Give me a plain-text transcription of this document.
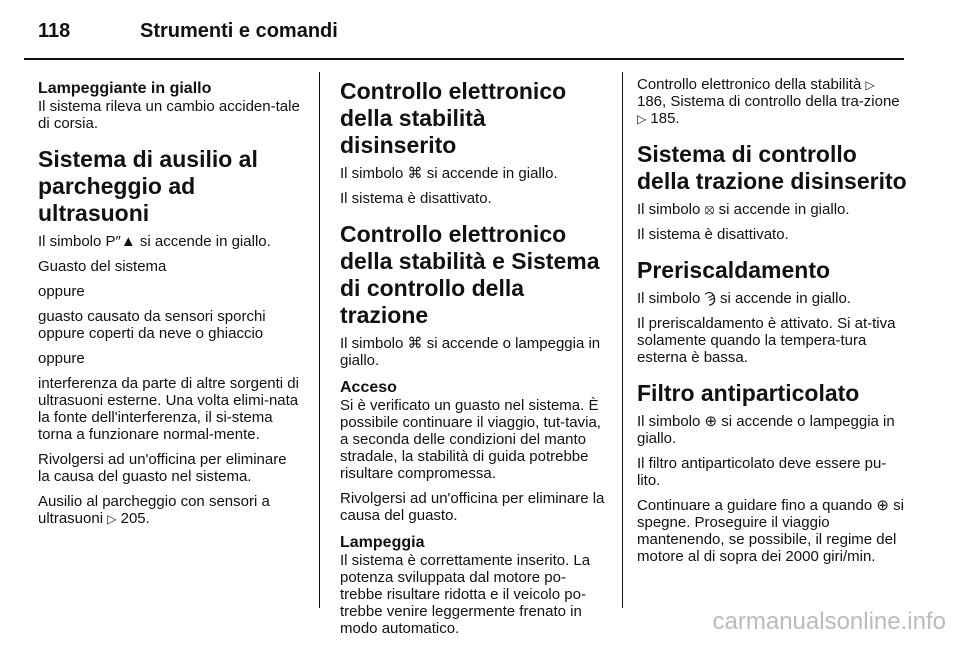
118	Strumenti e comandi
Lampeggiante in giallo

Il sistema rileva un cambio acciden-tale di corsia.

Sistema di ausilio al parcheggio ad ultrasuoni

Il simbolo P″▲ si accende in giallo.

Guasto del sistema

oppure

guasto causato da sensori sporchi oppure coperti da neve o ghiaccio

oppure

interferenza da parte di altre sorgenti di ultrasuoni esterne. Una volta elimi-nata la fonte dell'interferenza, il si-stema torna a funzionare normal-mente.

Rivolgersi ad un'officina per eliminare la causa del guasto nel sistema.

Ausilio al parcheggio con sensori a ultrasuoni ▷ 205.

Controllo elettronico della stabilità disinserito

Il simbolo ⌘ si accende in giallo.

Il sistema è disattivato.

Controllo elettronico della stabilità e Sistema di controllo della trazione

Il simbolo ⌘ si accende o lampeggia in giallo.

Acceso

Si è verificato un guasto nel sistema. È possibile continuare il viaggio, tut-tavia, a seconda delle condizioni del manto stradale, la stabilità di guida potrebbe risultare compromessa.

Rivolgersi ad un'officina per eliminare la causa del guasto.

Lampeggia

Il sistema è correttamente inserito. La potenza sviluppata dal motore po-trebbe risultare ridotta e il veicolo po-trebbe venire leggermente frenato in modo automatico.

Controllo elettronico della stabilità ▷ 186, Sistema di controllo della tra-zione ▷ 185.

Sistema di controllo della trazione disinserito

Il simbolo ⦻ si accende in giallo.

Il sistema è disattivato.

Preriscaldamento

Il simbolo Ϡ si accende in giallo.

Il preriscaldamento è attivato. Si at-tiva solamente quando la tempera-tura esterna è bassa.

Filtro antiparticolato

Il simbolo ⊕ si accende o lampeggia in giallo.

Il filtro antiparticolato deve essere pu-lito.

Continuare a guidare fino a quando ⊕ si spegne. Proseguire il viaggio mantenendo, se possibile, il regime del motore al di sopra dei 2000 giri/min.

carmanualsonline.info
